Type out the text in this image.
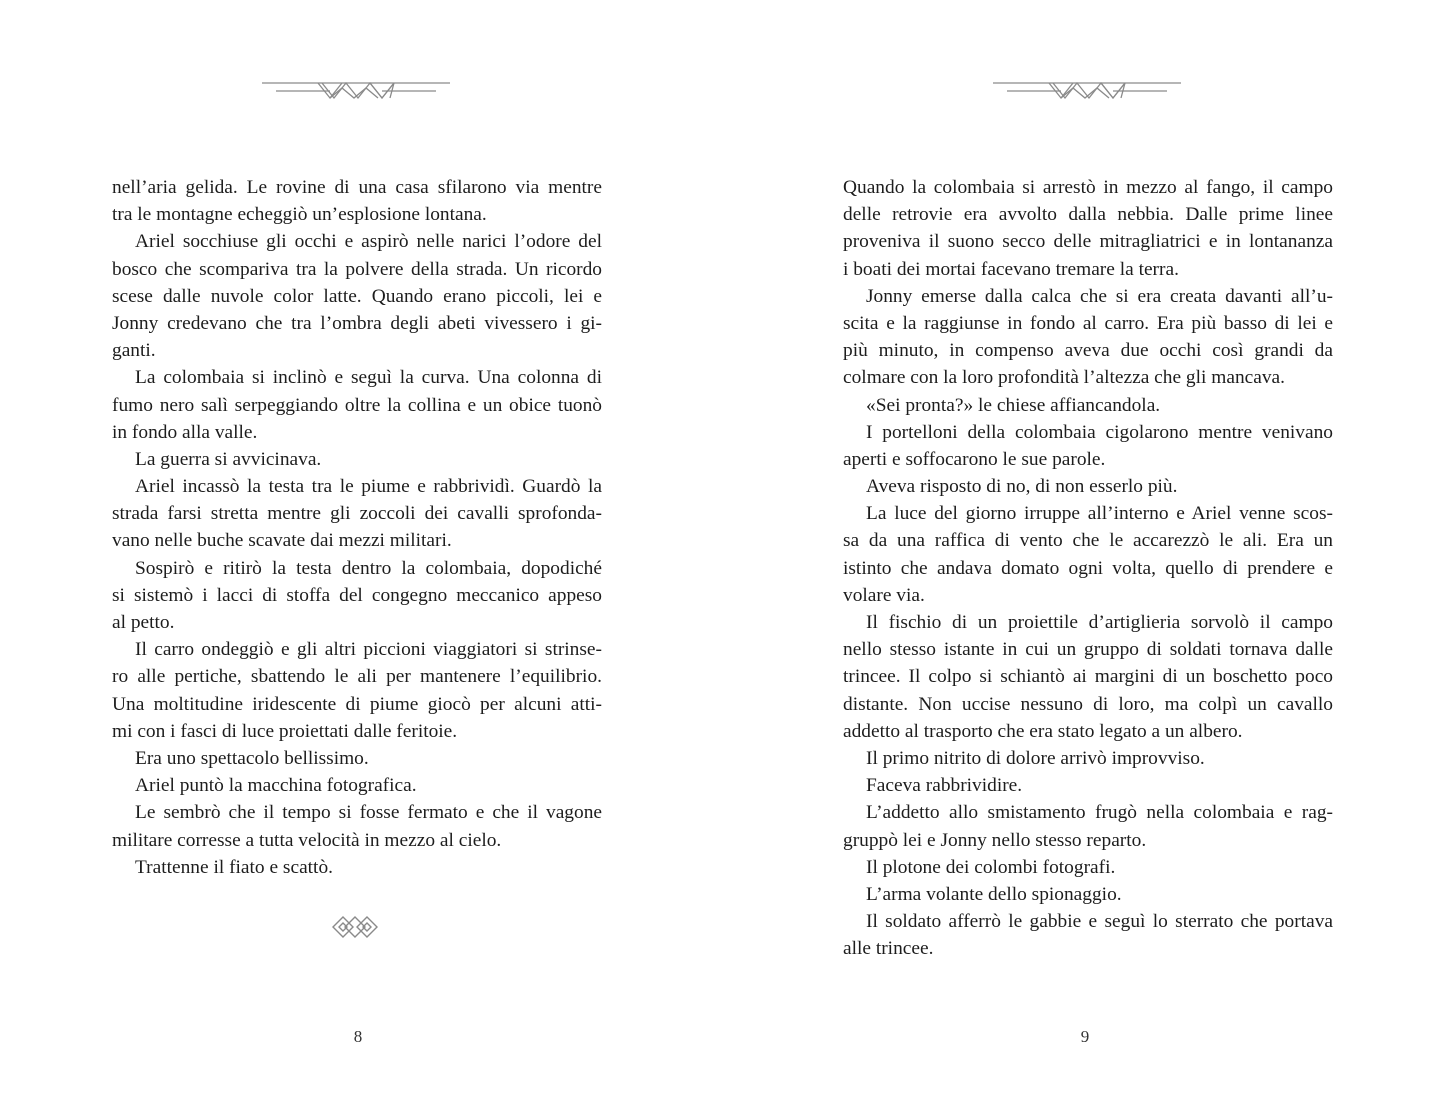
nell’aria gelida. Le rovine di una casa sfilarono via mentre
tra le montagne echeggiò un’esplosione lontana.
Ariel socchiuse gli occhi e aspirò nelle narici l’odore del
bosco che scompariva tra la polvere della strada. Un ricordo
scese dalle nuvole color latte. Quando erano piccoli, lei e
Jonny credevano che tra l’ombra degli abeti vivessero i gi-
ganti.
La colombaia si inclinò e seguì la curva. Una colonna di
fumo nero salì serpeggiando oltre la collina e un obice tuonò
in fondo alla valle.
La guerra si avvicinava.
Ariel incassò la testa tra le piume e rabbrividì. Guardò la
strada farsi stretta mentre gli zoccoli dei cavalli sprofonda-
vano nelle buche scavate dai mezzi militari.
Sospirò e ritirò la testa dentro la colombaia, dopodiché
si sistemò i lacci di stoffa del congegno meccanico appeso
al petto.
Il carro ondeggiò e gli altri piccioni viaggiatori si strinse-
ro alle pertiche, sbattendo le ali per mantenere l’equilibrio.
Una moltitudine iridescente di piume giocò per alcuni atti-
mi con i fasci di luce proiettati dalle feritoie.
Era uno spettacolo bellissimo.
Ariel puntò la macchina fotografica.
Le sembrò che il tempo si fosse fermato e che il vagone
militare corresse a tutta velocità in mezzo al cielo.
Trattenne il fiato e scattò.
8
Quando la colombaia si arrestò in mezzo al fango, il campo
delle retrovie era avvolto dalla nebbia. Dalle prime linee
proveniva il suono secco delle mitragliatrici e in lontananza
i boati dei mortai facevano tremare la terra.
Jonny emerse dalla calca che si era creata davanti all’u-
scita e la raggiunse in fondo al carro. Era più basso di lei e
più minuto, in compenso aveva due occhi così grandi da
colmare con la loro profondità l’altezza che gli mancava.
«Sei pronta?» le chiese affiancandola.
I portelloni della colombaia cigolarono mentre venivano
aperti e soffocarono le sue parole.
Aveva risposto di no, di non esserlo più.
La luce del giorno irruppe all’interno e Ariel venne scos-
sa da una raffica di vento che le accarezzò le ali. Era un
istinto che andava domato ogni volta, quello di prendere e
volare via.
Il fischio di un proiettile d’artiglieria sorvolò il campo
nello stesso istante in cui un gruppo di soldati tornava dalle
trincee. Il colpo si schiantò ai margini di un boschetto poco
distante. Non uccise nessuno di loro, ma colpì un cavallo
addetto al trasporto che era stato legato a un albero.
Il primo nitrito di dolore arrivò improvviso.
Faceva rabbrividire.
L’addetto allo smistamento frugò nella colombaia e rag-
gruppò lei e Jonny nello stesso reparto.
Il plotone dei colombi fotografi.
L’arma volante dello spionaggio.
Il soldato afferrò le gabbie e seguì lo sterrato che portava
alle trincee.
9
